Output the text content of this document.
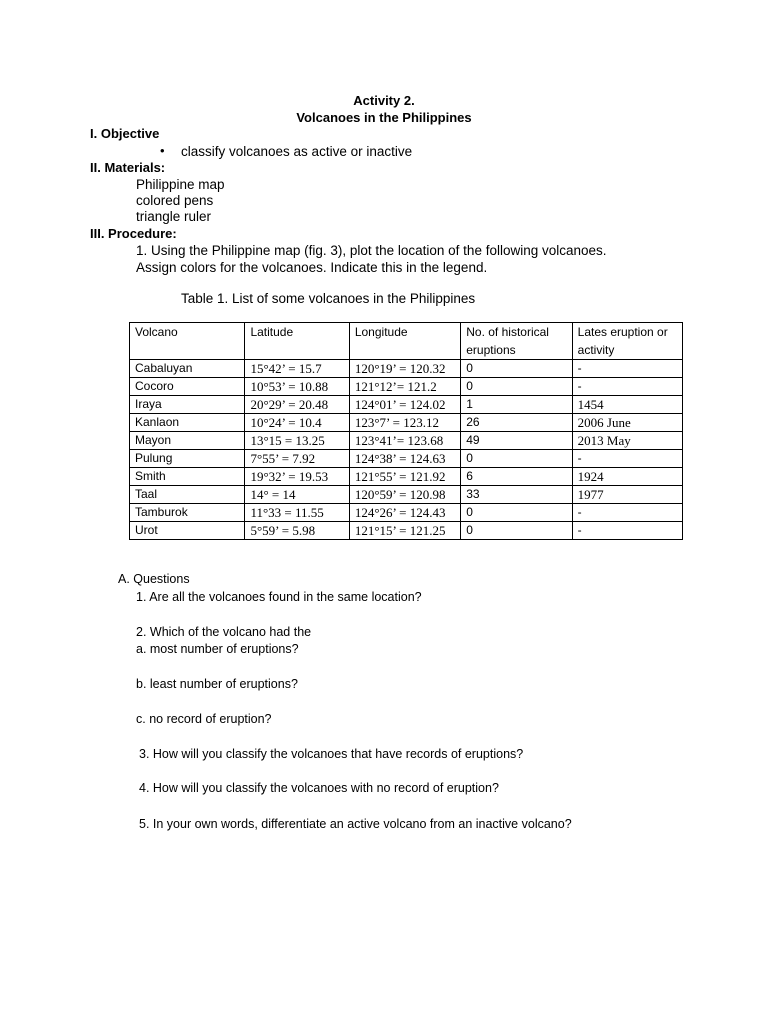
Activity 2.
Volcanoes in the Philippines
I. Objective
• classify volcanoes as active or inactive
II. Materials:
Philippine map
colored pens
triangle ruler
III. Procedure:
1. Using the Philippine map (fig. 3), plot the location of the following volcanoes.
Assign colors for the volcanoes. Indicate this in the legend.
Table 1. List of some volcanoes in the Philippines
Volcano	Latitude	Longitude	No. of historical eruptions	Lates eruption or activity
Cabaluyan	15°42’ = 15.7	120°19’ = 120.32	0	-
Cocoro	10°53’ = 10.88	121°12’= 121.2	0	-
Iraya	20°29’ = 20.48	124°01’ = 124.02	1	1454
Kanlaon	10°24’ = 10.4	123°7’ = 123.12	26	2006 June
Mayon	13°15 = 13.25	123°41’= 123.68	49	2013 May
Pulung	7°55’ = 7.92	124°38’ = 124.63	0	-
Smith	19°32’ = 19.53	121°55’ = 121.92	6	1924
Taal	14° = 14	120°59’ = 120.98	33	1977
Tamburok	11°33 = 11.55	124°26’ = 124.43	0	-
Urot	5°59’ = 5.98	121°15’ = 121.25	0	-
A. Questions
1. Are all the volcanoes found in the same location?
2. Which of the volcano had the
a. most number of eruptions?
b. least number of eruptions?
c. no record of eruption?
3. How will you classify the volcanoes that have records of eruptions?
4. How will you classify the volcanoes with no record of eruption?
5. In your own words, differentiate an active volcano from an inactive volcano?
